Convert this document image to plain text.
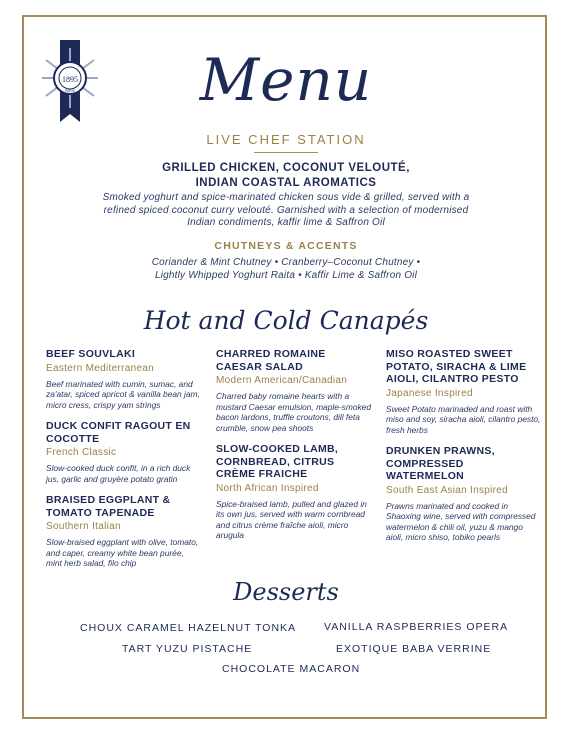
1895
PARIS	Menu
LIVE CHEF STATION
GRILLED CHICKEN, COCONUT VELOUTÉ,
INDIAN COASTAL AROMATICS
Smoked yoghurt and spice-marinated chicken sous vide & grilled, served with a
refined spiced coconut curry velouté. Garnished with a selection of modernised
Indian condiments, kaffir lime & Saffron Oil
CHUTNEYS & ACCENTS
Coriander & Mint Chutney • Cranberry–Coconut Chutney •
Lightly Whipped Yoghurt Raita • Kaffir Lime & Saffron Oil
Hot and Cold Canapés
BEEF SOUVLAKI
Eastern Mediterranean
Beef marinated with cumin, sumac, and za'atar, spiced apricot & vanilla bean jam, micro cress, crispy yam strings
DUCK CONFIT RAGOUT EN COCOTTE
French Classic
Slow-cooked duck confit, in a rich duck jus, garlic and gruyère potato gratin
BRAISED EGGPLANT & TOMATO TAPENADE
Southern Italian
Slow-braised eggplant with olive, tomato, and caper, creamy white bean purée, mint herb salad, filo chip
CHARRED ROMAINE CAESAR SALAD
Modern American/Canadian
Charred baby romaine hearts with a mustard Caesar emulsion, maple-smoked bacon lardons, truffle croutons, dill feta crumble, snow pea shoots
SLOW-COOKED LAMB, CORNBREAD, CITRUS CRÈME FRAICHE
North African Inspired
Spice-braised lamb, pulled and glazed in its own jus, served with warm cornbread and citrus crème fraîche aioli, micro arugula
MISO ROASTED SWEET POTATO, SIRACHA & LIME AIOLI, CILANTRO PESTO
Japanese Inspired
Sweet Potato marinaded and roast with miso and soy, siracha aioli, cilantro pesto, fresh herbs
DRUNKEN PRAWNS, COMPRESSED WATERMELON
South East Asian Inspired
Prawns marinated and cooked in Shaoxing wine, served with compressed watermelon & chili oil, yuzu & mango aioli, micro shiso, tobiko pearls
Desserts
CHOUX CARAMEL HAZELNUT TONKA	VANILLA RASPBERRIES OPERA
TART YUZU PISTACHE	EXOTIQUE BABA VERRINE
CHOCOLATE MACARON
